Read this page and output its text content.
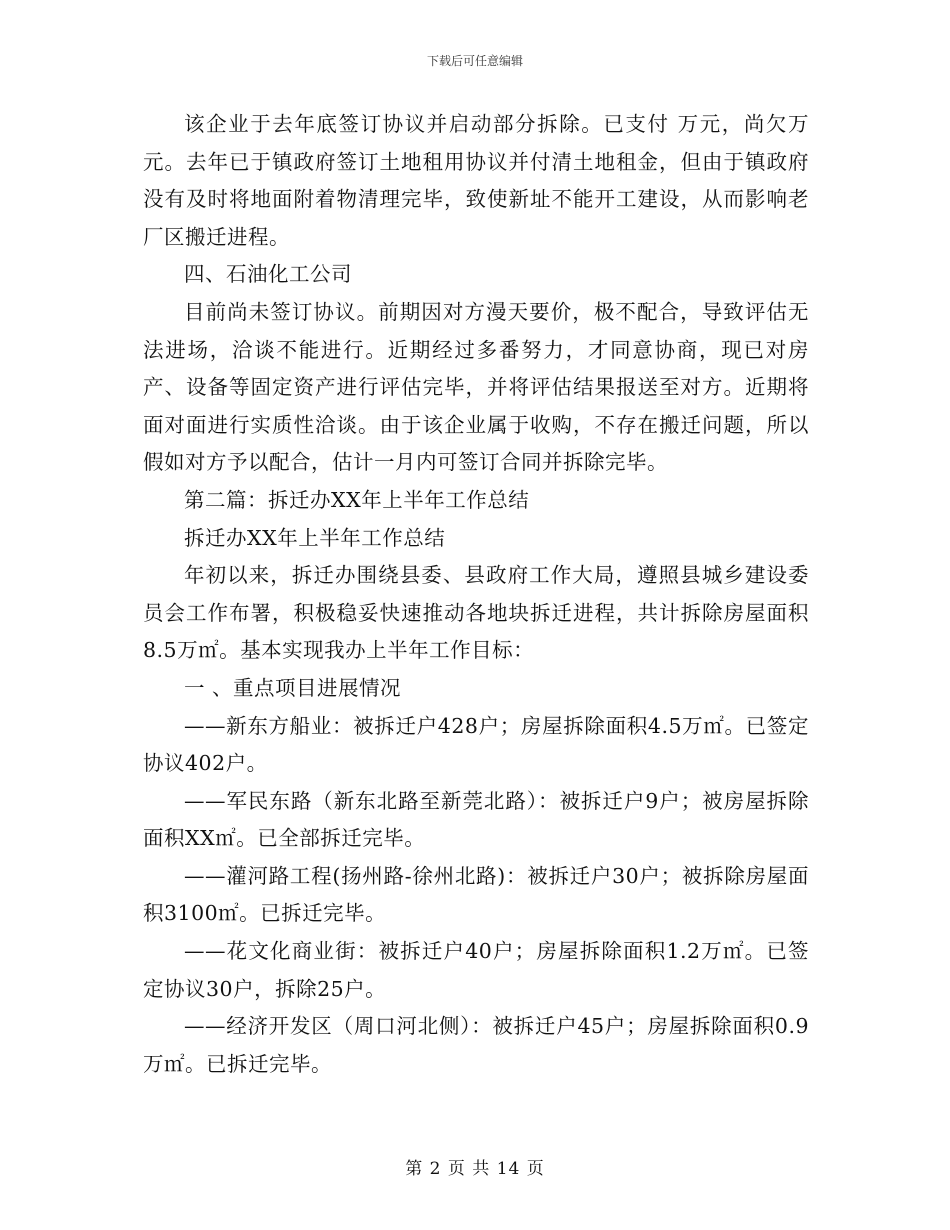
下载后可任意编辑

该企业于去年底签订协议并启动部分拆除。已支付 万元，尚欠万元。去年已于镇政府签订土地租用协议并付清土地租金，但由于镇政府没有及时将地面附着物清理完毕，致使新址不能开工建设，从而影响老厂区搬迁进程。

四、石油化工公司

目前尚未签订协议。前期因对方漫天要价，极不配合，导致评估无法进场，洽谈不能进行。近期经过多番努力，才同意协商，现已对房产、设备等固定资产进行评估完毕，并将评估结果报送至对方。近期将面对面进行实质性洽谈。由于该企业属于收购，不存在搬迁问题，所以假如对方予以配合，估计一月内可签订合同并拆除完毕。

第二篇：拆迁办XX年上半年工作总结

拆迁办XX年上半年工作总结

年初以来，拆迁办围绕县委、县政府工作大局，遵照县城乡建设委员会工作布署，积极稳妥快速推动各地块拆迁进程，共计拆除房屋面积8.5万㎡。基本实现我办上半年工作目标：

一 、重点项目进展情况

——新东方船业：被拆迁户428户；房屋拆除面积4.5万㎡。已签定协议402户。

——军民东路（新东北路至新莞北路）：被拆迁户9户；被房屋拆除面积XX㎡。已全部拆迁完毕。

——灌河路工程(扬州路-徐州北路)：被拆迁户30户；被拆除房屋面积3100㎡。已拆迁完毕。

——花文化商业街：被拆迁户40户；房屋拆除面积1.2万㎡。已签定协议30户，拆除25户。

——经济开发区（周口河北侧）：被拆迁户45户；房屋拆除面积0.9万㎡。已拆迁完毕。

第 2 页 共 14 页
